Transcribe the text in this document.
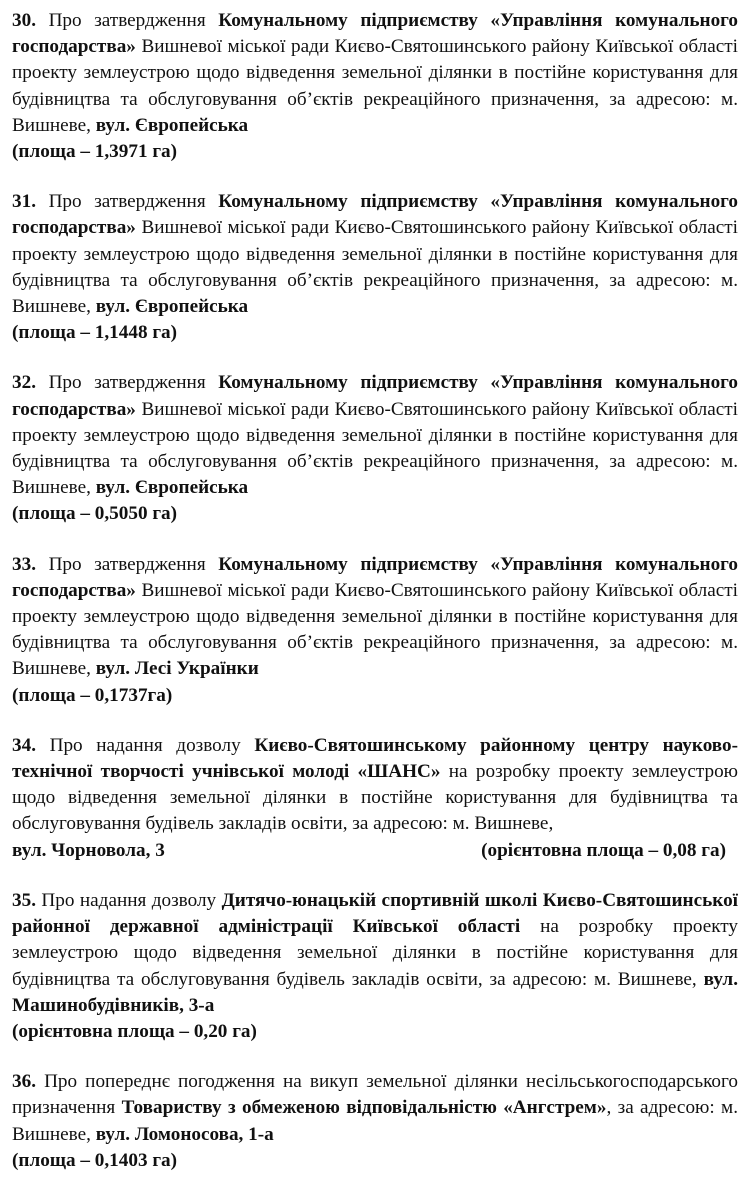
30. Про затвердження Комунальному підприємству «Управління комунального господарства» Вишневої міської ради Києво-Святошинського району Київської області проекту землеустрою щодо відведення земельної ділянки в постійне користування для будівництва та обслуговування об’єктів рекреаційного призначення, за адресою: м. Вишневе, вул. Європейська

(площа – 1,3971 га)

31. Про затвердження Комунальному підприємству «Управління комунального господарства» Вишневої міської ради Києво-Святошинського району Київської області проекту землеустрою щодо відведення земельної ділянки в постійне користування для будівництва та обслуговування об’єктів рекреаційного призначення, за адресою: м. Вишневе, вул. Європейська

(площа – 1,1448 га)

32. Про затвердження Комунальному підприємству «Управління комунального господарства» Вишневої міської ради Києво-Святошинського району Київської області проекту землеустрою щодо відведення земельної ділянки в постійне користування для будівництва та обслуговування об’єктів рекреаційного призначення, за адресою: м. Вишневе, вул. Європейська

(площа – 0,5050 га)

33. Про затвердження Комунальному підприємству «Управління комунального господарства» Вишневої міської ради Києво-Святошинського району Київської області проекту землеустрою щодо відведення земельної ділянки в постійне користування для будівництва та обслуговування об’єктів рекреаційного призначення, за адресою: м. Вишневе, вул. Лесі Українки

(площа – 0,1737га)

34. Про надання дозволу Києво-Святошинському районному центру науково-технічної творчості учнівської молоді «ШАНС» на розробку проекту землеустрою щодо відведення земельної ділянки в постійне користування для будівництва та обслуговування будівель закладів освіти, за адресою: м. Вишневе,

вул. Чорновола, 3	(орієнтовна площа – 0,08 га)

35. Про надання дозволу Дитячо-юнацькій спортивній школі Києво-Святошинської районної державної адміністрації Київської області на розробку проекту землеустрою щодо відведення земельної ділянки в постійне користування для будівництва та обслуговування будівель закладів освіти, за адресою: м. Вишневе, вул. Машинобудівників, 3-а

(орієнтовна площа – 0,20 га)

36. Про попереднє погодження на викуп земельної ділянки несільськогосподарського призначення Товариству з обмеженою відповідальністю «Ангстрем», за адресою: м. Вишневе, вул. Ломоносова, 1-а

(площа – 0,1403 га)
